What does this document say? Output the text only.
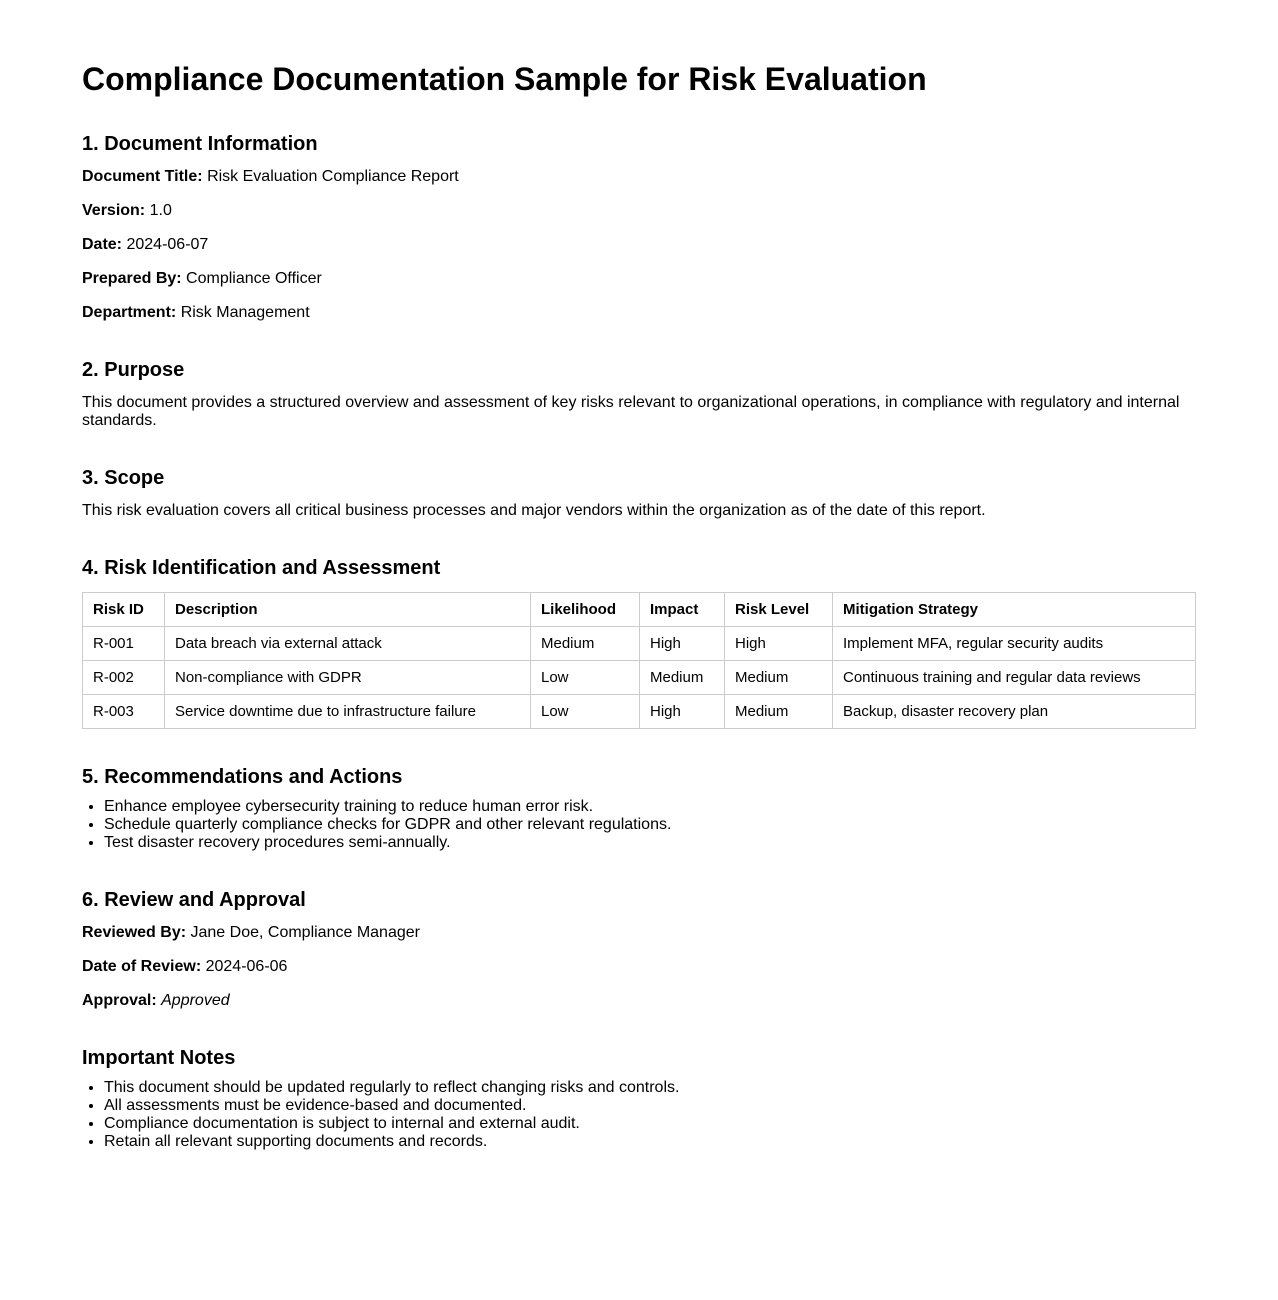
Compliance Documentation Sample for Risk Evaluation
1. Document Information

Document Title: Risk Evaluation Compliance Report

Version: 1.0

Date: 2024-06-07

Prepared By: Compliance Officer

Department: Risk Management

2. Purpose

This document provides a structured overview and assessment of key risks relevant to organizational operations, in compliance with regulatory and internal standards.

3. Scope

This risk evaluation covers all critical business processes and major vendors within the organization as of the date of this report.

4. Risk Identification and Assessment
Risk ID	Description	Likelihood	Impact	Risk Level	Mitigation Strategy
R-001	Data breach via external attack	Medium	High	High	Implement MFA, regular security audits
R-002	Non-compliance with GDPR	Low	Medium	Medium	Continuous training and regular data reviews
R-003	Service downtime due to infrastructure failure	Low	High	Medium	Backup, disaster recovery plan
5. Recommendations and Actions
• Enhance employee cybersecurity training to reduce human error risk.
• Schedule quarterly compliance checks for GDPR and other relevant regulations.
• Test disaster recovery procedures semi-annually.
6. Review and Approval

Reviewed By: Jane Doe, Compliance Manager

Date of Review: 2024-06-06

Approval: Approved

Important Notes
• This document should be updated regularly to reflect changing risks and controls.
• All assessments must be evidence-based and documented.
• Compliance documentation is subject to internal and external audit.
• Retain all relevant supporting documents and records.
